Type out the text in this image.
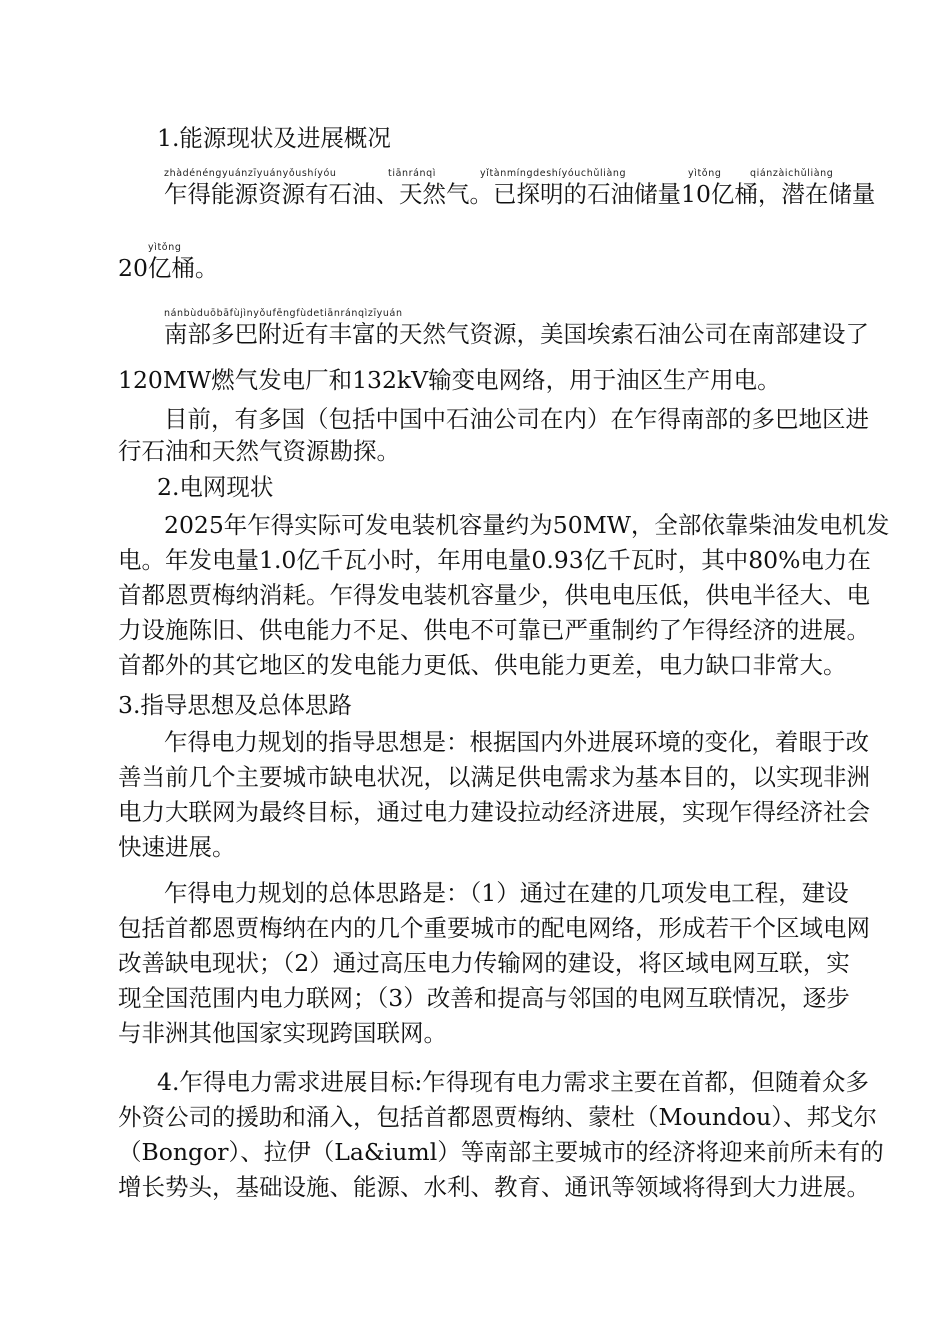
1.能源现状及进展概况
zhàdénéngyuánzīyuányǒushíyóu	tiānránqì	yǐtànmíngdeshíyóuchǔliàng	yìtǒng	qiánzàichǔliàng
乍得能源资源有石油、天然气。已探明的石油储量10亿桶，潜在储量
yìtǒng
20亿桶。
nánbùduōbāfùjìnyǒufēngfùdetiānránqìzīyuán
南部多巴附近有丰富的天然气资源，美国埃索石油公司在南部建设了
120MW燃气发电厂和132kV输变电网络，用于油区生产用电。
目前，有多国（包括中国中石油公司在内）在乍得南部的多巴地区进
行石油和天然气资源勘探。
2.电网现状
2025年乍得实际可发电装机容量约为50MW，全部依靠柴油发电机发
电。年发电量1.0亿千瓦小时，年用电量0.93亿千瓦时，其中80%电力在
首都恩贾梅纳消耗。乍得发电装机容量少，供电电压低，供电半径大、电
力设施陈旧、供电能力不足、供电不可靠已严重制约了乍得经济的进展。
首都外的其它地区的发电能力更低、供电能力更差，电力缺口非常大。
3.指导思想及总体思路
乍得电力规划的指导思想是：根据国内外进展环境的变化，着眼于改
善当前几个主要城市缺电状况，以满足供电需求为基本目的，以实现非洲
电力大联网为最终目标，通过电力建设拉动经济进展，实现乍得经济社会
快速进展。
乍得电力规划的总体思路是：（1）通过在建的几项发电工程，建设
包括首都恩贾梅纳在内的几个重要城市的配电网络，形成若干个区域电网
改善缺电现状；（2）通过高压电力传输网的建设，将区域电网互联，实
现全国范围内电力联网；（3）改善和提高与邻国的电网互联情况，逐步
与非洲其他国家实现跨国联网。
4.乍得电力需求进展目标:乍得现有电力需求主要在首都，但随着众多
外资公司的援助和涌入，包括首都恩贾梅纳、蒙杜（Moundou）、邦戈尔
（Bongor）、拉伊（La&iuml）等南部主要城市的经济将迎来前所未有的
增长势头，基础设施、能源、水利、教育、通讯等领域将得到大力进展。
